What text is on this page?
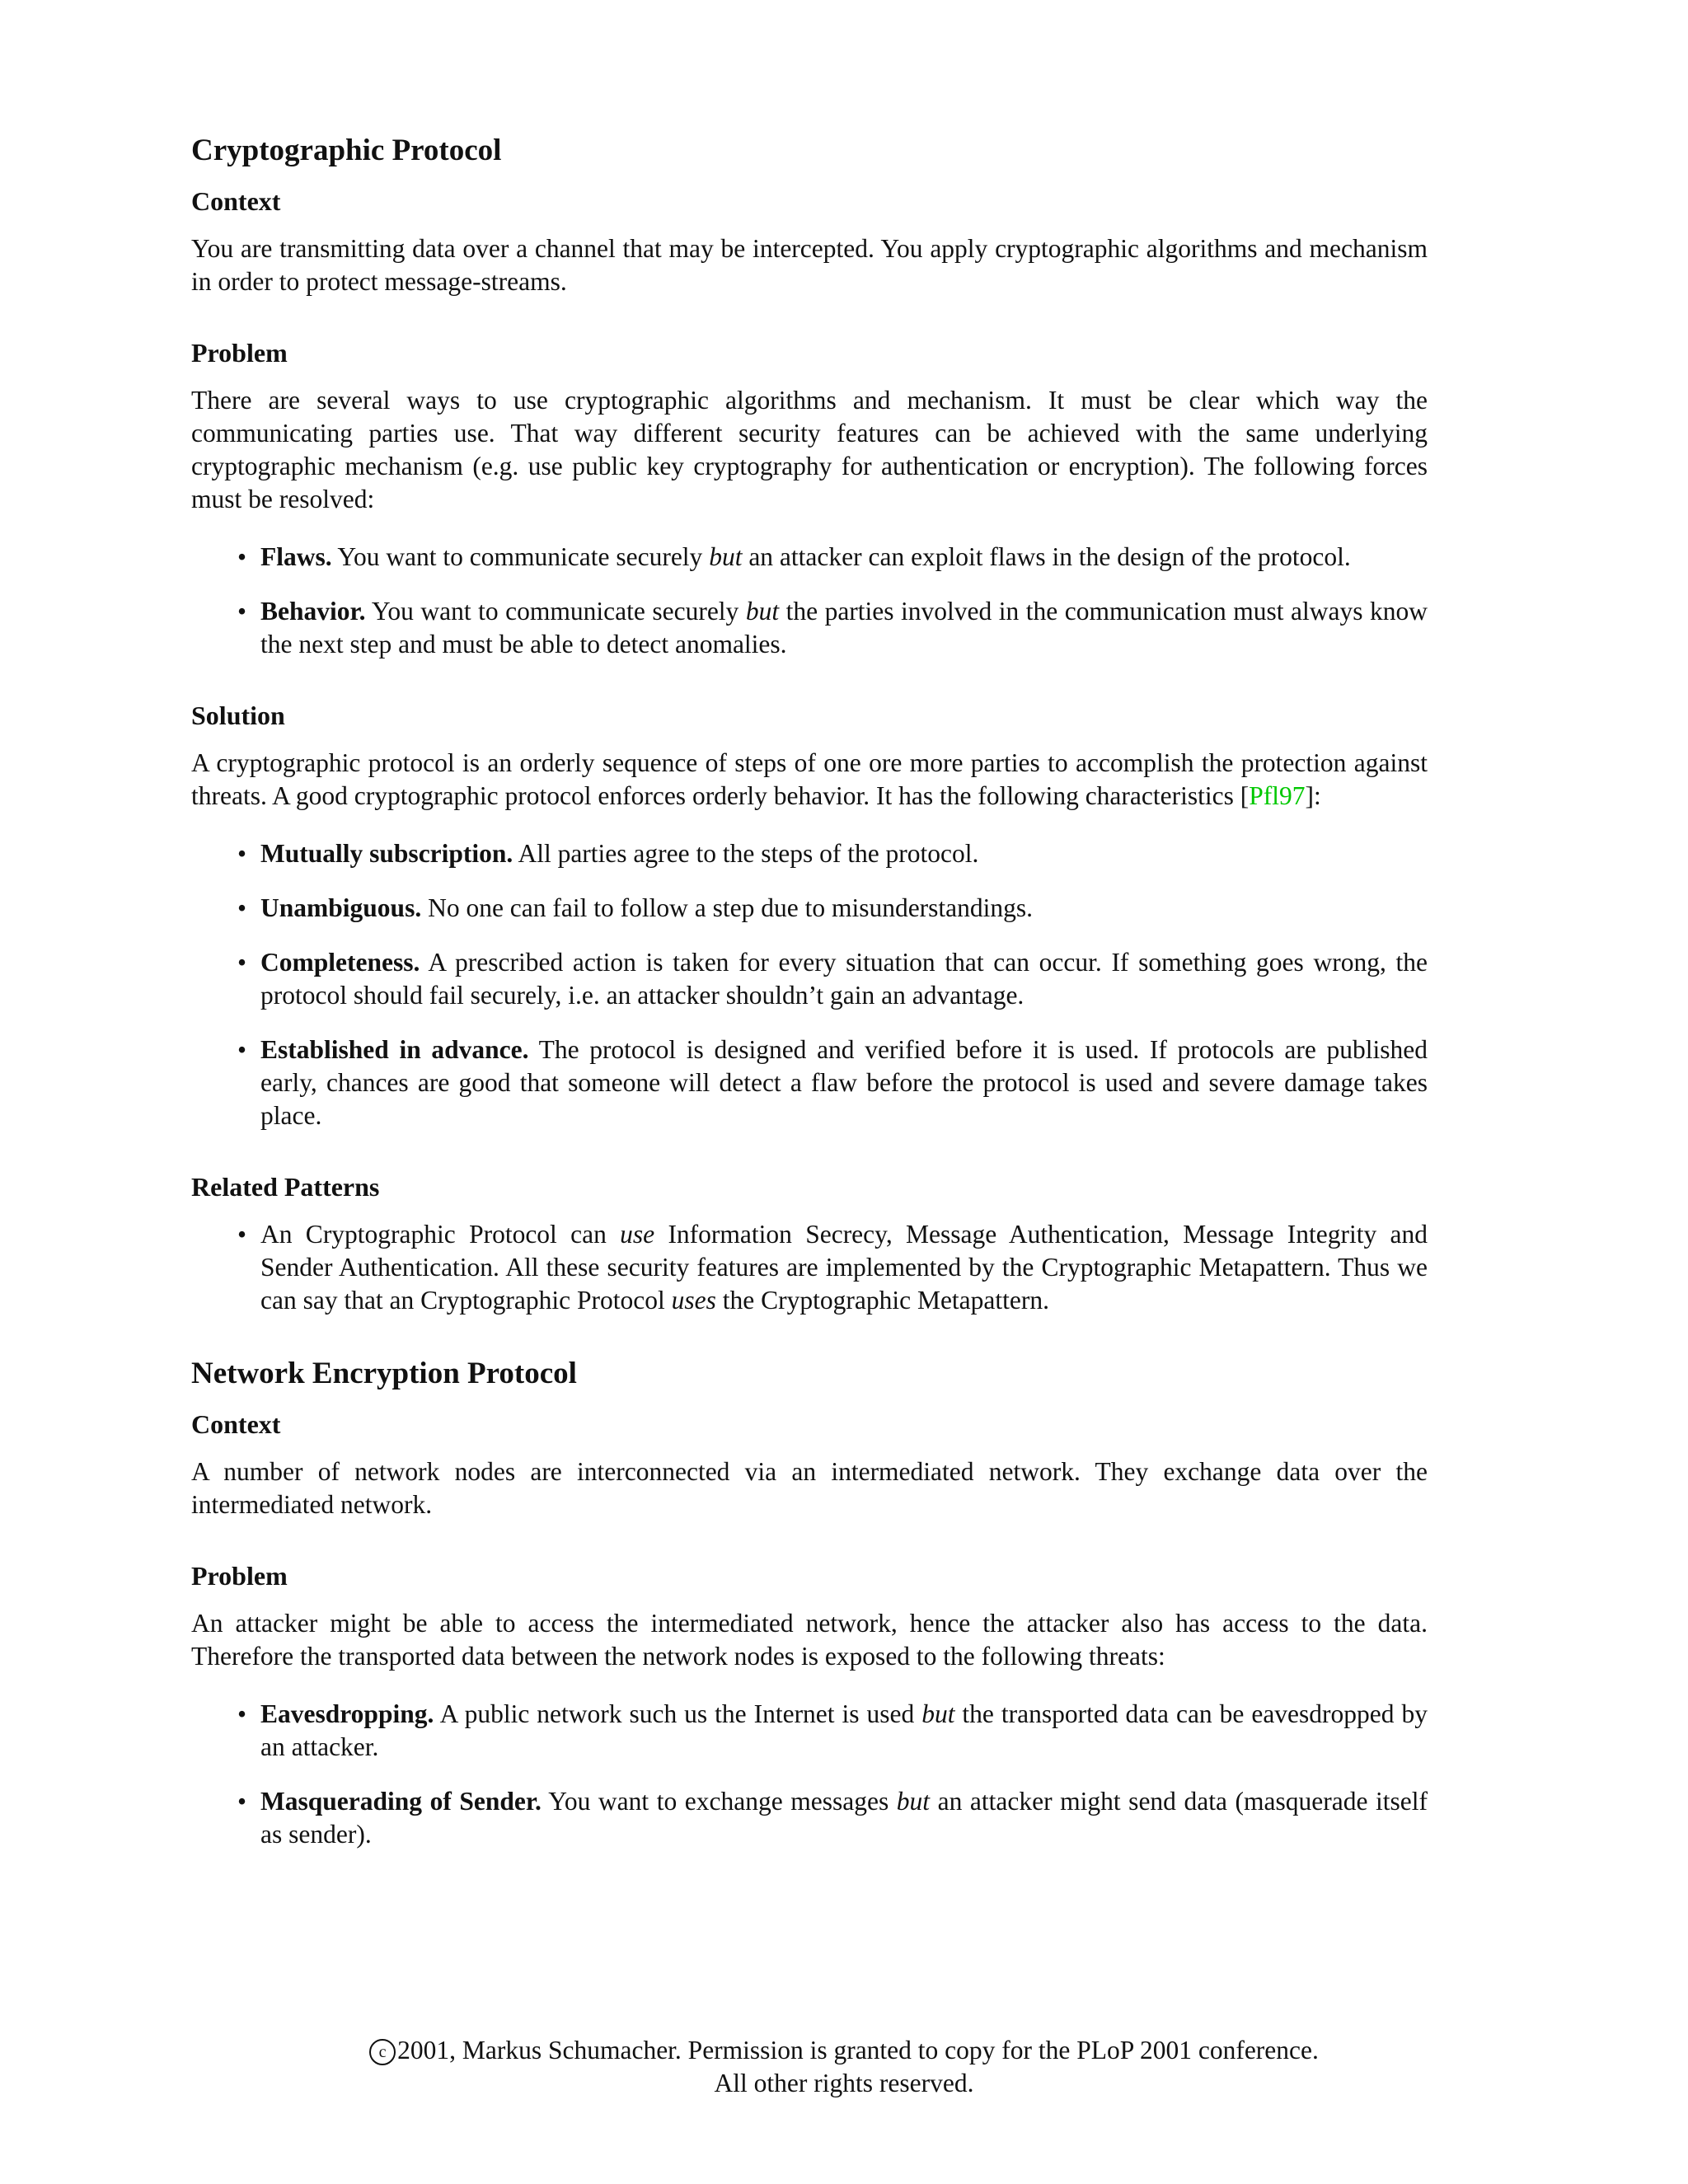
Cryptographic Protocol
Context

You are transmitting data over a channel that may be intercepted. You apply cryptographic algorithms and mechanism in order to protect message-streams.

Problem

There are several ways to use cryptographic algorithms and mechanism. It must be clear which way the communicating parties use. That way different security features can be achieved with the same underlying cryptographic mechanism (e.g. use public key cryptography for authentication or encryption). The following forces must be resolved:

• Flaws. You want to communicate securely but an attacker can exploit flaws in the design of the protocol.
• Behavior. You want to communicate securely but the parties involved in the communication must always know the next step and must be able to detect anomalies.
Solution

A cryptographic protocol is an orderly sequence of steps of one ore more parties to accomplish the protection against threats. A good cryptographic protocol enforces orderly behavior. It has the following characteristics [Pfl97]:

• Mutually subscription. All parties agree to the steps of the protocol.
• Unambiguous. No one can fail to follow a step due to misunderstandings.
• Completeness. A prescribed action is taken for every situation that can occur. If something goes wrong, the protocol should fail securely, i.e. an attacker shouldn’t gain an advantage.
• Established in advance. The protocol is designed and verified before it is used. If protocols are published early, chances are good that someone will detect a flaw before the protocol is used and severe damage takes place.
Related Patterns
• An Cryptographic Protocol can use Information Secrecy, Message Authentication, Message Integrity and Sender Authentication. All these security features are implemented by the Cryptographic Metapattern. Thus we can say that an Cryptographic Protocol uses the Cryptographic Metapattern.
Network Encryption Protocol
Context

A number of network nodes are interconnected via an intermediated network. They exchange data over the intermediated network.

Problem

An attacker might be able to access the intermediated network, hence the attacker also has access to the data. Therefore the transported data between the network nodes is exposed to the following threats:

• Eavesdropping. A public network such us the Internet is used but the transported data can be eavesdropped by an attacker.
• Masquerading of Sender. You want to exchange messages but an attacker might send data (masquerade itself as sender).
c 2001, Markus Schumacher. Permission is granted to copy for the PLoP 2001 conference.
All other rights reserved.
